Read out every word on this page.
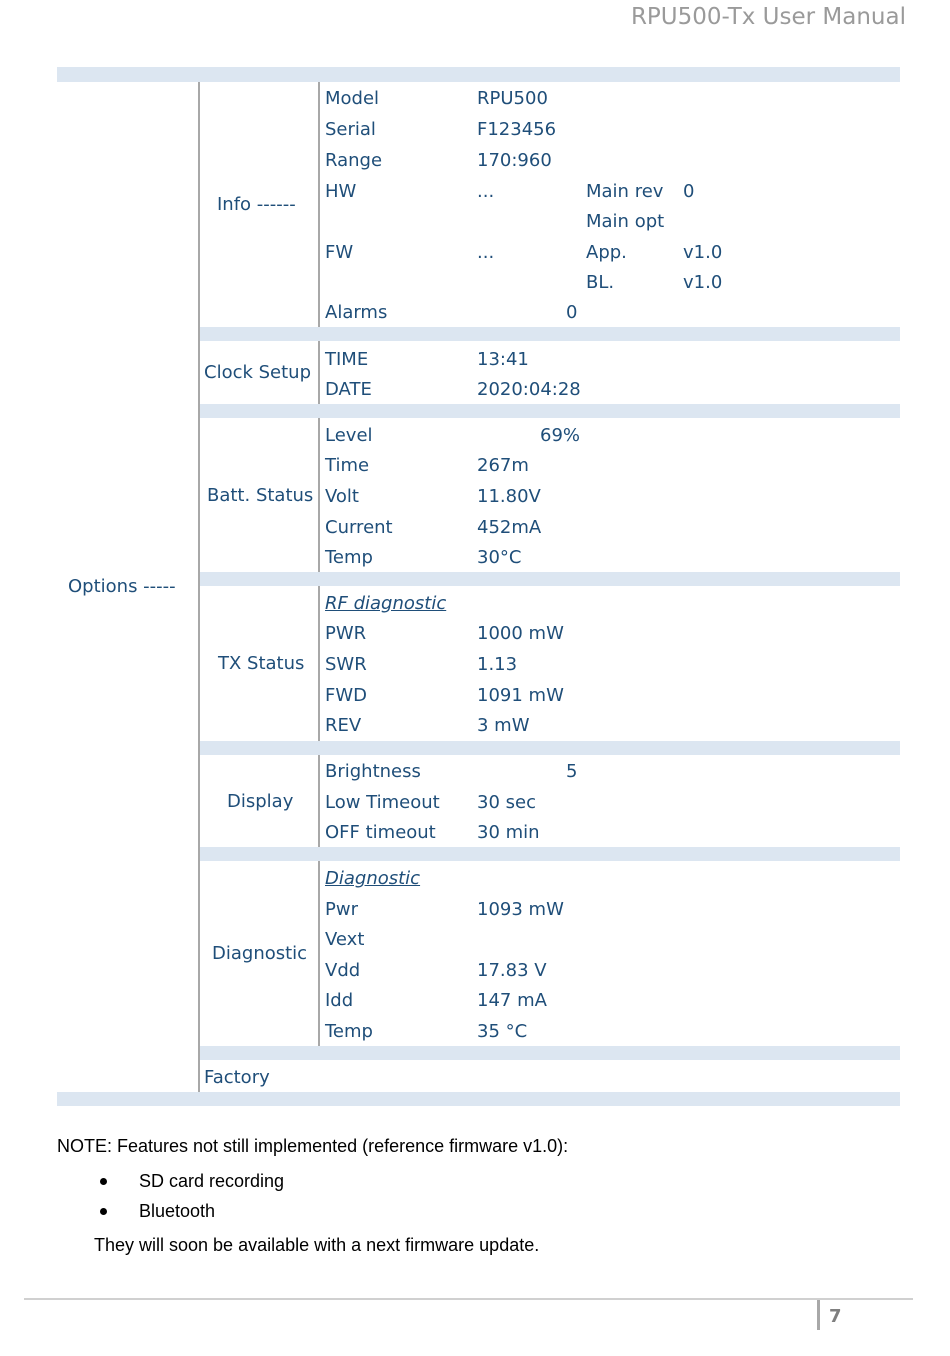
RPU500-Tx User Manual
Options -----
Info ------
Model	RPU500
Serial	F123456
Range	170:960
HW	...	Main rev 0
Main opt
FW	...	App.	v1.0
BL.	v1.0
Alarms	0
Clock Setup
TIME	13:41
DATE	2020:04:28
Batt. Status
Level	69%
Time	267m
Volt	11.80V
Current	452mA
Temp	30°C
TX Status
RF diagnostic
PWR	1000 mW
SWR	1.13
FWD	1091 mW
REV	3 mW
Display
Brightness	5
Low Timeout 30 sec
OFF timeout 30 min
Diagnostic
Diagnostic
Pwr	1093 mW
Vext
Vdd	17.83 V
Idd	147 mA
Temp	35 °C
Factory
NOTE: Features not still implemented (reference firmware v1.0):
SD card recording
Bluetooth
They will soon be available with a next firmware update.
7
